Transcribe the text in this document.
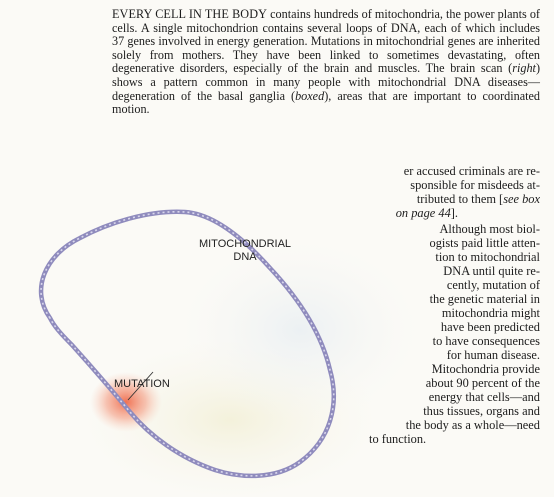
EVERY CELL IN THE BODY contains hundreds of mitochondria, the power plants of cells. A single mitochondrion contains several loops of DNA, each of which includes 37 genes involved in energy generation. Mutations in mitochondrial genes are inherited solely from mothers. They have been linked to sometimes devastating, often degenerative disorders, especially of the brain and muscles. The brain scan (right) shows a pattern common in many people with mitochondrial DNA diseases—degeneration of the basal ganglia (boxed), areas that are important to coordinated motion.
MITOCHONDRIAL
DNA
MUTATION
er accused criminals are re-
sponsible for misdeeds at-
tributed to them [see box
on page 44].
Although most biol-
ogists paid little atten-
tion to mitochondrial
DNA until quite re-
cently, mutation of
the genetic material in
mitochondria might
have been predicted
to have consequences
for human disease.
Mitochondria provide
about 90 percent of the
energy that cells—and
thus tissues, organs and
the body as a whole—need
to function.
